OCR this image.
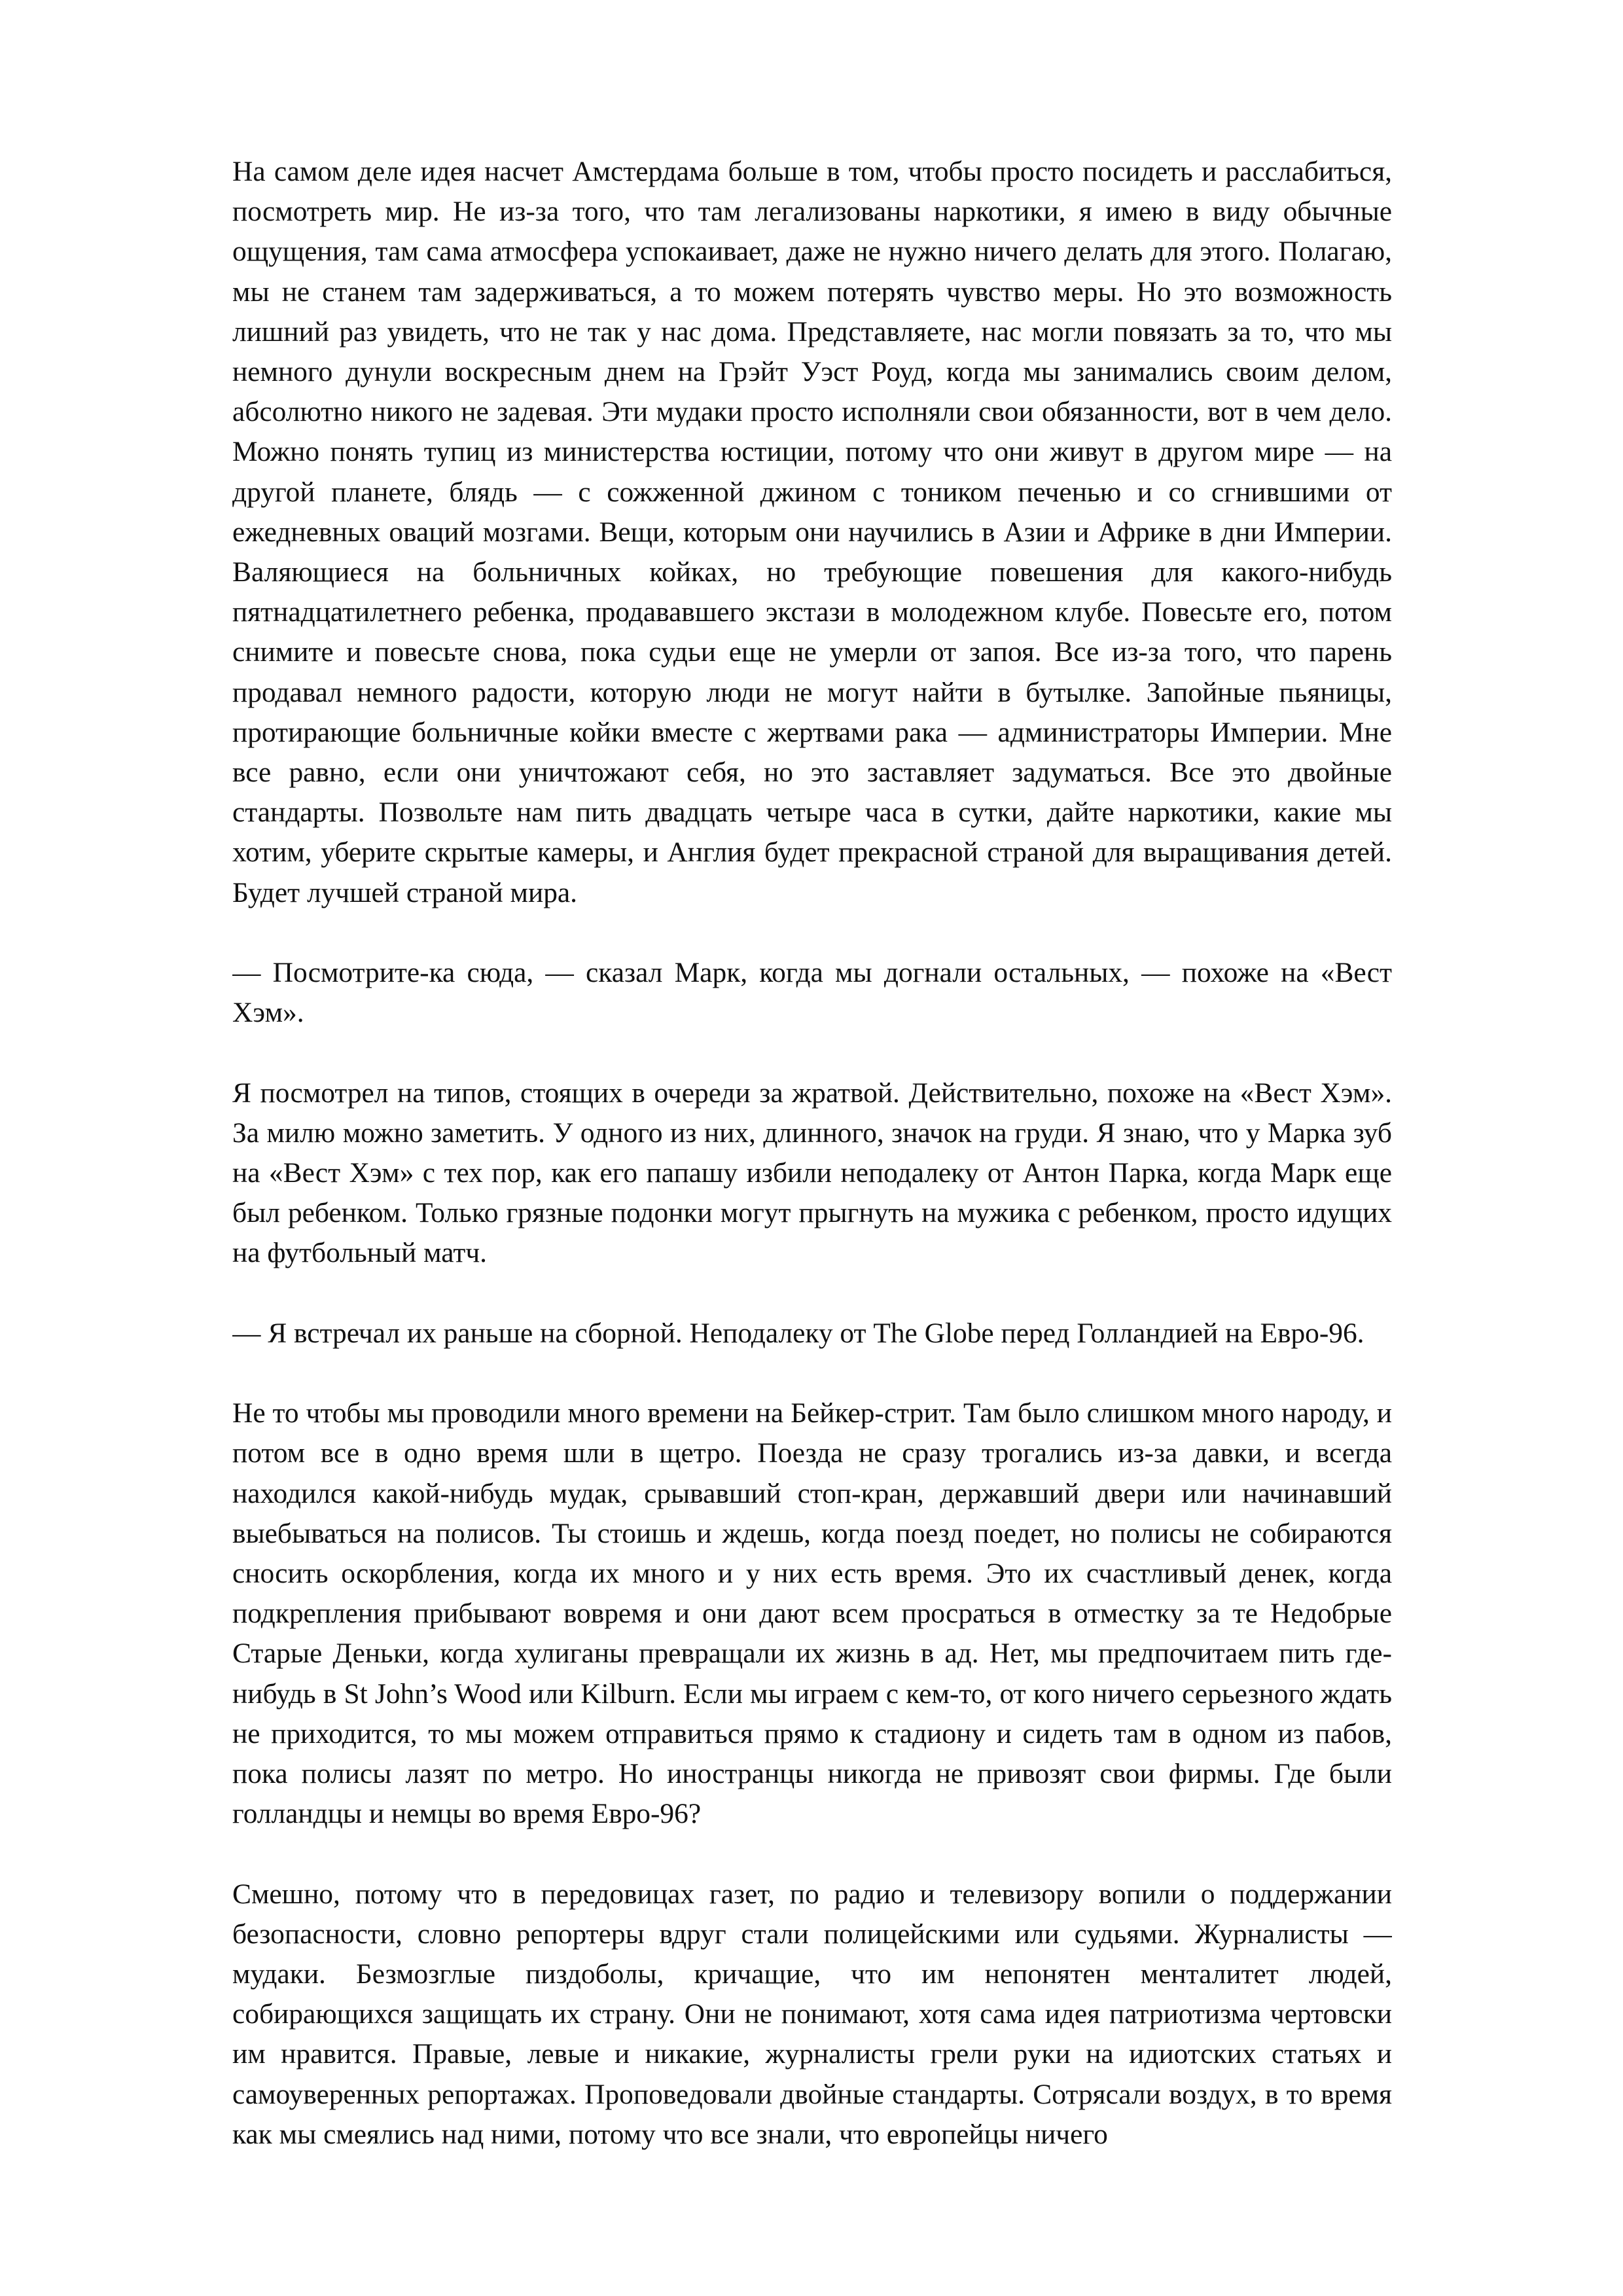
На самом деле идея насчет Амстердама больше в том, чтобы просто посидеть и расслабиться, посмотреть мир. Не из-за того, что там легализованы наркотики, я имею в виду обычные ощущения, там сама атмосфера успокаивает, даже не нужно ничего делать для этого. Полагаю, мы не станем там задерживаться, а то можем потерять чувство меры. Но это возможность лишний раз увидеть, что не так у нас дома. Представляете, нас могли повязать за то, что мы немного дунули воскресным днем на Грэйт Уэст Роуд, когда мы занимались своим делом, абсолютно никого не задевая. Эти мудаки просто исполняли свои обязанности, вот в чем дело. Можно понять тупиц из министерства юстиции, потому что они живут в другом мире — на другой планете, блядь — с сожженной джином с тоником печенью и со сгнившими от ежедневных оваций мозгами. Вещи, которым они научились в Азии и Африке в дни Империи. Валяющиеся на больничных койках, но требующие повешения для какого-нибудь пятнадцатилетнего ребенка, продававшего экстази в молодежном клубе. Повесьте его, потом снимите и повесьте снова, пока судьи еще не умерли от запоя. Все из-за того, что парень продавал немного радости, которую люди не могут найти в бутылке. Запойные пьяницы, протирающие больничные койки вместе с жертвами рака — администраторы Империи. Мне все равно, если они уничтожают себя, но это заставляет задуматься. Все это двойные стандарты. Позвольте нам пить двадцать четыре часа в сутки, дайте наркотики, какие мы хотим, уберите скрытые камеры, и Англия будет прекрасной страной для выращивания детей. Будет лучшей страной мира.

— Посмотрите-ка сюда, — сказал Марк, когда мы догнали остальных, — похоже на «Вест Хэм».

Я посмотрел на типов, стоящих в очереди за жратвой. Действительно, похоже на «Вест Хэм». За милю можно заметить. У одного из них, длинного, значок на груди. Я знаю, что у Марка зуб на «Вест Хэм» с тех пор, как его папашу избили неподалеку от Антон Парка, когда Марк еще был ребенком. Только грязные подонки могут прыгнуть на мужика с ребенком, просто идущих на футбольный матч.

— Я встречал их раньше на сборной. Неподалеку от The Globe перед Голландией на Евро-96.

Не то чтобы мы проводили много времени на Бейкер-стрит. Там было слишком много народу, и потом все в одно время шли в щетро. Поезда не сразу трогались из-за давки, и всегда находился какой-нибудь мудак, срывавший стоп-кран, державший двери или начинавший выебываться на полисов. Ты стоишь и ждешь, когда поезд поедет, но полисы не собираются сносить оскорбления, когда их много и у них есть время. Это их счастливый денек, когда подкрепления прибывают вовремя и они дают всем просраться в отместку за те Недобрые Старые Деньки, когда хулиганы превращали их жизнь в ад. Нет, мы предпочитаем пить где-нибудь в St John’s Wood или Kilburn. Если мы играем с кем-то, от кого ничего серьезного ждать не приходится, то мы можем отправиться прямо к стадиону и сидеть там в одном из пабов, пока полисы лазят по метро. Но иностранцы никогда не привозят свои фирмы. Где были голландцы и немцы во время Евро-96?

Смешно, потому что в передовицах газет, по радио и телевизору вопили о поддержании безопасности, словно репортеры вдруг стали полицейскими или судьями. Журналисты — мудаки. Безмозглые пиздоболы, кричащие, что им непонятен менталитет людей, собирающихся защищать их страну. Они не понимают, хотя сама идея патриотизма чертовски им нравится. Правые, левые и никакие, журналисты грели руки на идиотских статьях и самоуверенных репортажах. Проповедовали двойные стандарты. Сотрясали воздух, в то время как мы смеялись над ними, потому что все знали, что европейцы ничего
